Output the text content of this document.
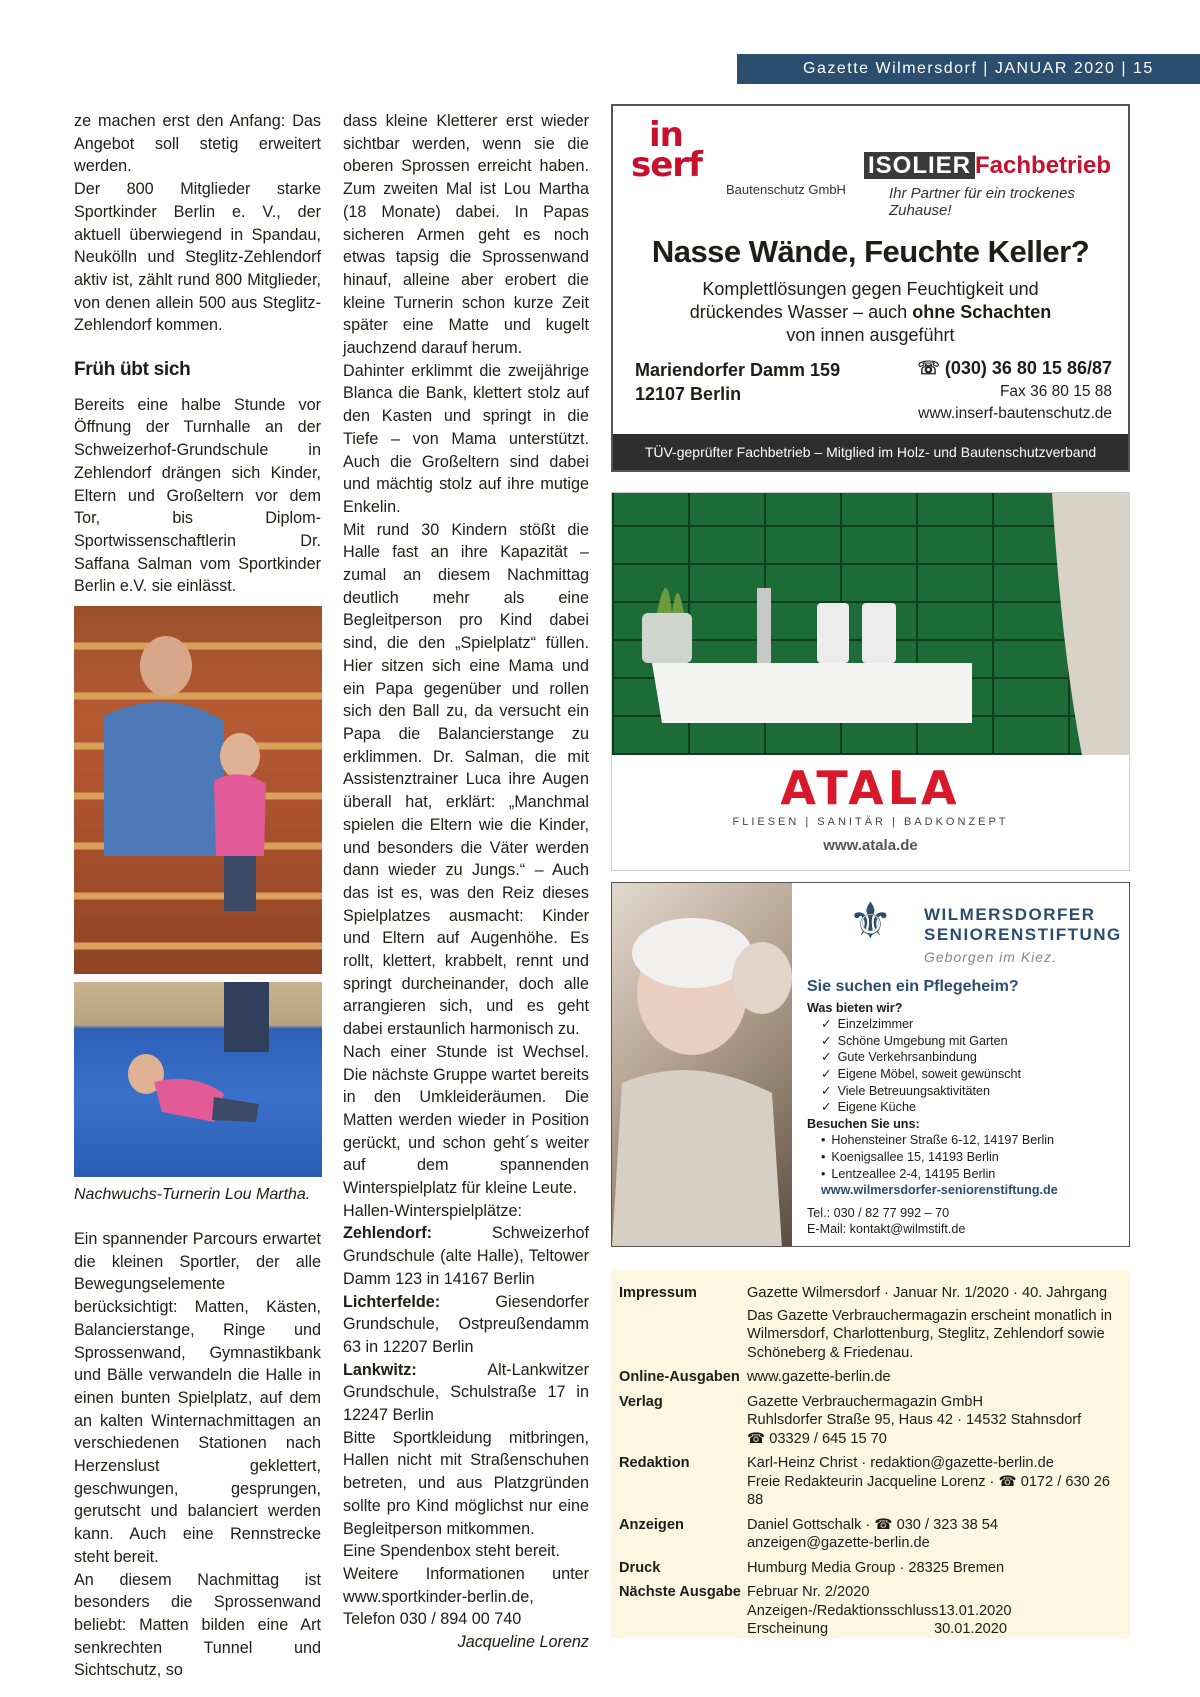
Gazette Wilmersdorf | JANUAR 2020 | 15

ze machen erst den Anfang: Das Angebot soll stetig erweitert werden.

Der 800 Mitglieder starke Sportkinder Berlin e. V., der aktuell überwiegend in Spandau, Neukölln und Steglitz-Zehlendorf aktiv ist, zählt rund 800 Mitglieder, von denen allein 500 aus Steglitz-Zehlendorf kommen.

Früh übt sich

Bereits eine halbe Stunde vor Öffnung der Turnhalle an der Schweizerhof-Grundschule in Zehlendorf drängen sich Kinder, Eltern und Großeltern vor dem Tor, bis Diplom-Sportwissenschaftlerin Dr. Saffana Salman vom Sportkinder Berlin e.V. sie einlässt.

Nachwuchs-Turnerin Lou Martha.

Ein spannender Parcours erwartet die kleinen Sportler, der alle Bewegungselemente berücksichtigt: Matten, Kästen, Balancierstange, Ringe und Sprossenwand, Gymnastikbank und Bälle verwandeln die Halle in einen bunten Spielplatz, auf dem an kalten Winternachmittagen an verschiedenen Stationen nach Herzenslust geklettert, geschwungen, gesprungen, gerutscht und balanciert werden kann. Auch eine Rennstrecke steht bereit.

An diesem Nachmittag ist besonders die Sprossenwand beliebt: Matten bilden eine Art senkrechten Tunnel und Sichtschutz, so

dass kleine Kletterer erst wieder sichtbar werden, wenn sie die oberen Sprossen erreicht haben. Zum zweiten Mal ist Lou Martha (18 Monate) dabei. In Papas sicheren Armen geht es noch etwas tapsig die Sprossenwand hinauf, alleine aber erobert die kleine Turnerin schon kurze Zeit später eine Matte und kugelt jauchzend darauf herum.

Dahinter erklimmt die zweijährige Blanca die Bank, klettert stolz auf den Kasten und springt in die Tiefe – von Mama unterstützt. Auch die Großeltern sind dabei und mächtig stolz auf ihre mutige Enkelin.

Mit rund 30 Kindern stößt die Halle fast an ihre Kapazität – zumal an diesem Nachmittag deutlich mehr als eine Begleitperson pro Kind dabei sind, die den „Spielplatz“ füllen. Hier sitzen sich eine Mama und ein Papa gegenüber und rollen sich den Ball zu, da versucht ein Papa die Balancierstange zu erklimmen. Dr. Salman, die mit Assistenztrainer Luca ihre Augen überall hat, erklärt: „Manchmal spielen die Eltern wie die Kinder, und besonders die Väter werden dann wieder zu Jungs.“ – Auch das ist es, was den Reiz dieses Spielplatzes ausmacht: Kinder und Eltern auf Augenhöhe. Es rollt, klettert, krabbelt, rennt und springt durcheinander, doch alle arrangieren sich, und es geht dabei erstaunlich harmonisch zu.

Nach einer Stunde ist Wechsel. Die nächste Gruppe wartet bereits in den Umkleideräumen. Die Matten werden wieder in Position gerückt, und schon geht´s weiter auf dem spannenden Winterspielplatz für kleine Leute.

Hallen-Winterspielplätze:

Zehlendorf: Schweizerhof Grundschule (alte Halle), Teltower Damm 123 in 14167 Berlin

Lichterfelde: Giesendorfer Grundschule, Ostpreußendamm 63 in 12207 Berlin

Lankwitz: Alt-Lankwitzer Grundschule, Schulstraße 17 in 12247 Berlin

Bitte Sportkleidung mitbringen, Hallen nicht mit Straßenschuhen betreten, und aus Platzgründen sollte pro Kind möglichst nur eine Begleitperson mitkommen.

Eine Spendenbox steht bereit.

Weitere Informationen unter www.sportkinder-berlin.de, Telefon 030 / 894 00 740

Jacqueline Lorenz

in
serf
Bautenschutz GmbH
ISOLIER Fachbetrieb
Ihr Partner für ein trockenes Zuhause!
Nasse Wände, Feuchte Keller?
Komplettlösungen gegen Feuchtigkeit und
drückendes Wasser – auch ohne Schachten
von innen ausgeführt
Mariendorfer Damm 159
12107 Berlin
☏ (030) 36 80 15 86/87
Fax 36 80 15 88
www.inserf-bautenschutz.de
TÜV-geprüfter Fachbetrieb – Mitglied im Holz- und Bautenschutzverband
ATALA
FLIESEN | SANITÄR | BADKONZEPT
www.atala.de
⚜ WILMERSDORFER
SENIORENSTIFTUNG
Geborgen im Kiez.
Sie suchen ein Pflegeheim?
Was bieten wir?
✓ Einzelzimmer
✓ Schöne Umgebung mit Garten
✓ Gute Verkehrsanbindung
✓ Eigene Möbel, soweit gewünscht
✓ Viele Betreuungsaktivitäten
✓ Eigene Küche
Besuchen Sie uns:
• Hohensteiner Straße 6-12, 14197 Berlin
• Koenigsallee 15, 14193 Berlin
• Lentzeallee 2-4, 14195 Berlin
www.wilmersdorfer-seniorenstiftung.de
Tel.: 030 / 82 77 992 – 70
E-Mail: kontakt@wilmstift.de
Impressum	Gazette Wilmersdorf · Januar Nr. 1/2020 · 40. Jahrgang
Das Gazette Verbrauchermagazin erscheint monatlich in Wilmersdorf, Charlottenburg, Steglitz, Zehlendorf sowie Schöneberg & Friedenau.
Online-Ausgaben www.gazette-berlin.de
Verlag	Gazette Verbrauchermagazin GmbH
Ruhlsdorfer Straße 95, Haus 42 · 14532 Stahnsdorf
☎ 03329 / 645 15 70
Redaktion	Karl-Heinz Christ · redaktion@gazette-berlin.de
Freie Redakteurin Jacqueline Lorenz · ☎ 0172 / 630 26 88
Anzeigen	Daniel Gottschalk · ☎ 030 / 323 38 54
anzeigen@gazette-berlin.de
Druck	Humburg Media Group · 28325 Bremen
Nächste Ausgabe Februar Nr. 2/2020
Anzeigen-/Redaktionsschluss 13.01.2020
Erscheinung	30.01.2020
